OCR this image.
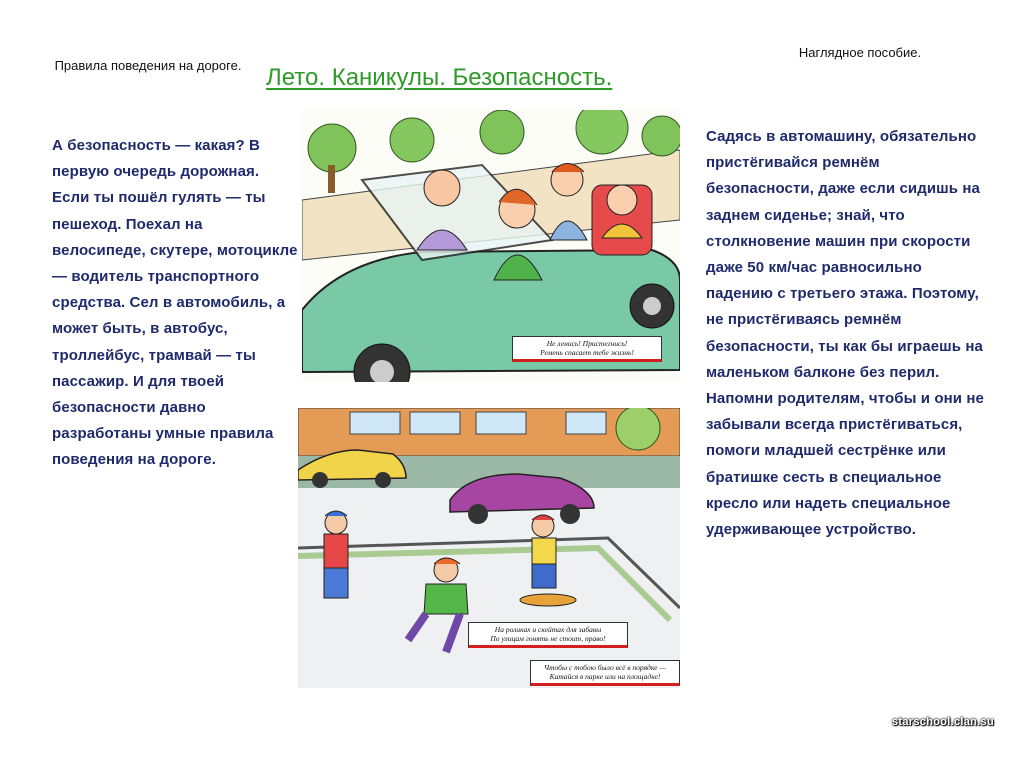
Правила поведения на дороге.
Наглядное пособие.
Лето. Каникулы. Безопасность.

А безопасность — какая? В первую очередь дорожная. Если ты пошёл гулять — ты пешеход. Поехал на велосипеде, скутере, мотоцикле — водитель транспортного средства. Сел в автомобиль, а может быть, в автобус, троллейбус, трамвай — ты пассажир. И для твоей безопасности давно разработаны умные правила поведения на дороге.

Садясь в автомашину, обязательно пристёгивайся ремнём безопасности, даже если сидишь на заднем сиденье; знай, что столкновение машин при скорости даже 50 км/час равносильно падению с третьего этажа. Поэтому, не пристёгиваясь ремнём безопасности, ты как бы играешь на маленьком балконе без перил. Напомни родителям, чтобы и они не забывали всегда пристёгиваться, помоги младшей сестрёнке или братишке сесть в специальное кресло или надеть специальное удерживающее устройство.

Не ленись! Пристегнись!
Ремень спасает тебе жизнь!
На роликах и скейтах для забавы
По улицам гонять не стоит, право!
Чтобы с тобою было всё в порядке —
Катайся в парке или на площадке!
starschool.clan.su
